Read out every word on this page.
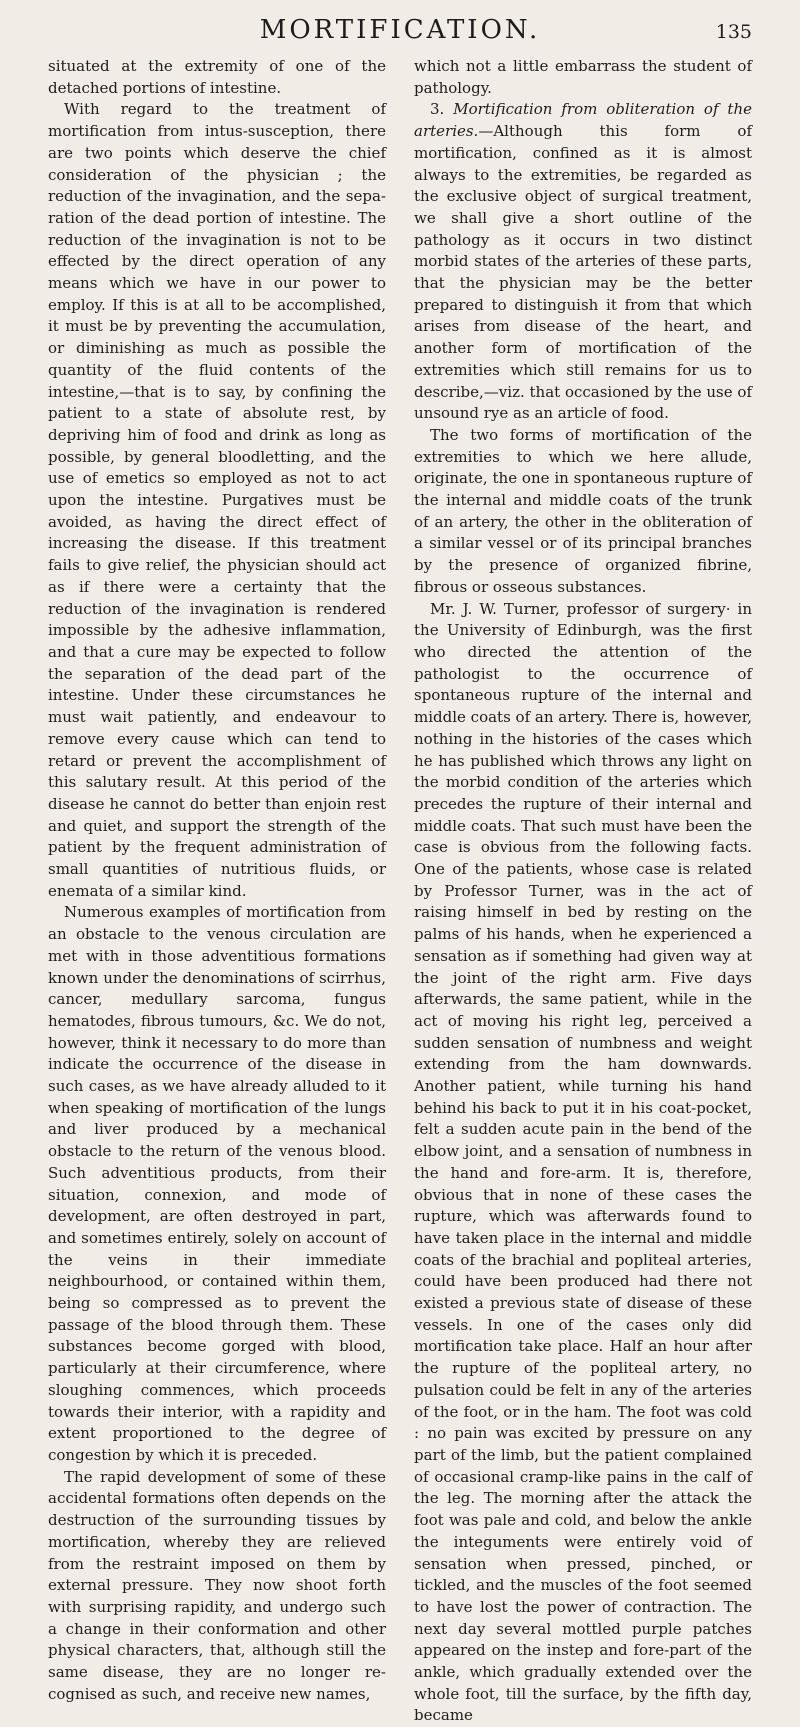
MORTIFICATION.	135

situated at the extremity of one of the detached portions of intestine.

With regard to the treatment of mortification from intus-susception, there are two points which deserve the chief consideration of the physician ; the reduction of the invagination, and the separation of the dead portion of intestine. The reduction of the invagination is not to be effected by the direct operation of any means which we have in our power to employ. If this is at all to be accomplished, it must be by preventing the accumulation, or diminishing as much as possible the quantity of the fluid contents of the intestine,—that is to say, by confining the patient to a state of absolute rest, by depriving him of food and drink as long as possible, by general bloodletting, and the use of emetics so employed as not to act upon the intestine. Purgatives must be avoided, as having the direct effect of increasing the disease. If this treatment fails to give relief, the physician should act as if there were a certainty that the reduction of the invagination is rendered impossible by the adhesive inflammation, and that a cure may be expected to follow the separation of the dead part of the intestine. Under these circumstances he must wait patiently, and endeavour to remove every cause which can tend to retard or prevent the accomplishment of this salutary result. At this period of the disease he cannot do better than enjoin rest and quiet, and support the strength of the patient by the frequent administration of small quantities of nutritious fluids, or enemata of a similar kind.

Numerous examples of mortification from an obstacle to the venous circulation are met with in those adventitious formations known under the denominations of scirrhus, cancer, medullary sarcoma, fungus hematodes, fibrous tumours, &c. We do not, however, think it necessary to do more than indicate the occurrence of the disease in such cases, as we have already alluded to it when speaking of mortification of the lungs and liver produced by a mechanical obstacle to the return of the venous blood. Such adventitious products, from their situation, connexion, and mode of development, are often destroyed in part, and sometimes entirely, solely on account of the veins in their immediate neighbourhood, or contained within them, being so compressed as to prevent the passage of the blood through them. These substances become gorged with blood, particularly at their circumference, where sloughing commences, which proceeds towards their interior, with a rapidity and extent proportioned to the degree of congestion by which it is preceded.

The rapid development of some of these accidental formations often depends on the destruction of the surrounding tissues by mortification, whereby they are relieved from the restraint imposed on them by external pressure. They now shoot forth with surprising rapidity, and undergo such a change in their conformation and other physical characters, that, although still the same disease, they are no longer recognised as such, and receive new names,

which not a little embarrass the student of pathology.

3. Mortification from obliteration of the arteries.—Although this form of mortification, confined as it is almost always to the extremities, be regarded as the exclusive object of surgical treatment, we shall give a short outline of the pathology as it occurs in two distinct morbid states of the arteries of these parts, that the physician may be the better prepared to distinguish it from that which arises from disease of the heart, and another form of mortification of the extremities which still remains for us to describe,—viz. that occasioned by the use of unsound rye as an article of food.

The two forms of mortification of the extremities to which we here allude, originate, the one in spontaneous rupture of the internal and middle coats of the trunk of an artery, the other in the obliteration of a similar vessel or of its principal branches by the presence of organized fibrine, fibrous or osseous substances.

Mr. J. W. Turner, professor of surgery· in the University of Edinburgh, was the first who directed the attention of the pathologist to the occurrence of spontaneous rupture of the internal and middle coats of an artery. There is, however, nothing in the histories of the cases which he has published which throws any light on the morbid condition of the arteries which precedes the rupture of their internal and middle coats. That such must have been the case is obvious from the following facts. One of the patients, whose case is related by Professor Turner, was in the act of raising himself in bed by resting on the palms of his hands, when he experienced a sensation as if something had given way at the joint of the right arm. Five days afterwards, the same patient, while in the act of moving his right leg, perceived a sudden sensation of numbness and weight extending from the ham downwards. Another patient, while turning his hand behind his back to put it in his coat-pocket, felt a sudden acute pain in the bend of the elbow joint, and a sensation of numbness in the hand and fore-arm. It is, therefore, obvious that in none of these cases the rupture, which was afterwards found to have taken place in the internal and middle coats of the brachial and popliteal arteries, could have been produced had there not existed a previous state of disease of these vessels. In one of the cases only did mortification take place. Half an hour after the rupture of the popliteal artery, no pulsation could be felt in any of the arteries of the foot, or in the ham. The foot was cold : no pain was excited by pressure on any part of the limb, but the patient complained of occasional cramp-like pains in the calf of the leg. The morning after the attack the foot was pale and cold, and below the ankle the integuments were entirely void of sensation when pressed, pinched, or tickled, and the muscles of the foot seemed to have lost the power of contraction. The next day several mottled purple patches appeared on the instep and fore-part of the ankle, which gradually extended over the whole foot, till the surface, by the fifth day, became
